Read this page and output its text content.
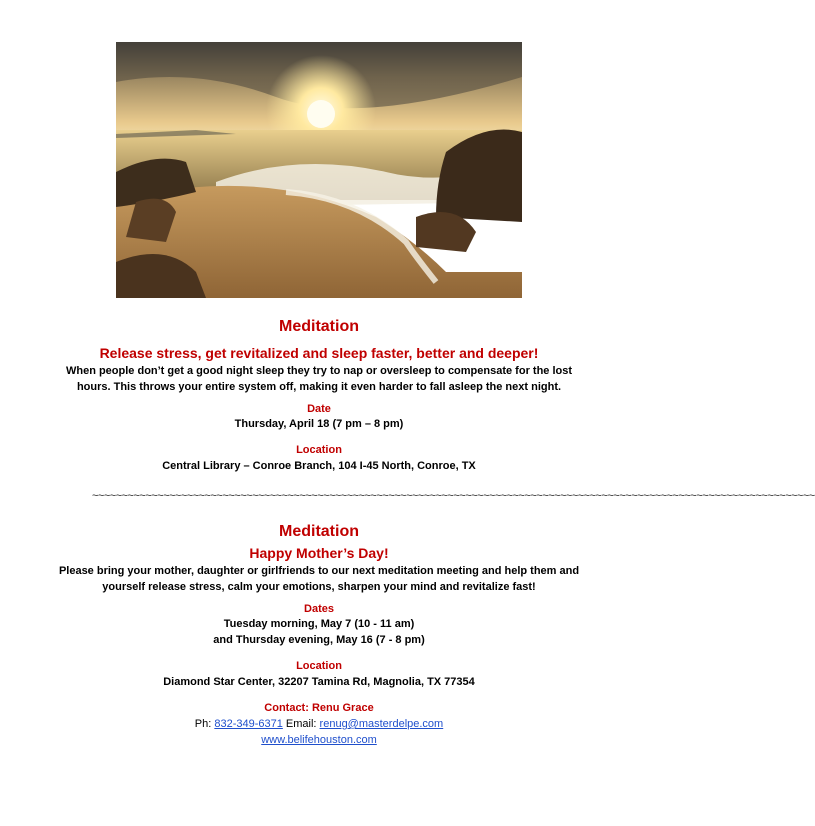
Meditation
Release stress, get revitalized and sleep faster, better and deeper!
When people don’t get a good night sleep they try to nap or oversleep to compensate for the lost
hours. This throws your entire system off, making it even harder to fall asleep the next night.
Date
Thursday, April 18 (7 pm – 8 pm)
Location
Central Library – Conroe Branch, 104 I-45 North, Conroe, TX
~~~~~~~~~~~~~~~~~~~~~~~~~~~~~~~~~~~~~~~~~~~~~~~~~~~~~~~~~~~~~~~~~~~~~~~~~~~~~~~~~~~~~~~~~~~~~~~~~~~~~~~~~~~~~~~~~~~~~~~~~~
Meditation
Happy Mother’s Day!
Please bring your mother, daughter or girlfriends to our next meditation meeting and help them and
yourself release stress, calm your emotions, sharpen your mind and revitalize fast!
Dates
Tuesday morning, May 7 (10 - 11 am)
and Thursday evening, May 16 (7 - 8 pm)
Location
Diamond Star Center, 32207 Tamina Rd, Magnolia, TX 77354
Contact: Renu Grace
Ph: 832-349-6371 Email: renug@masterdelpe.com
www.belifehouston.com
